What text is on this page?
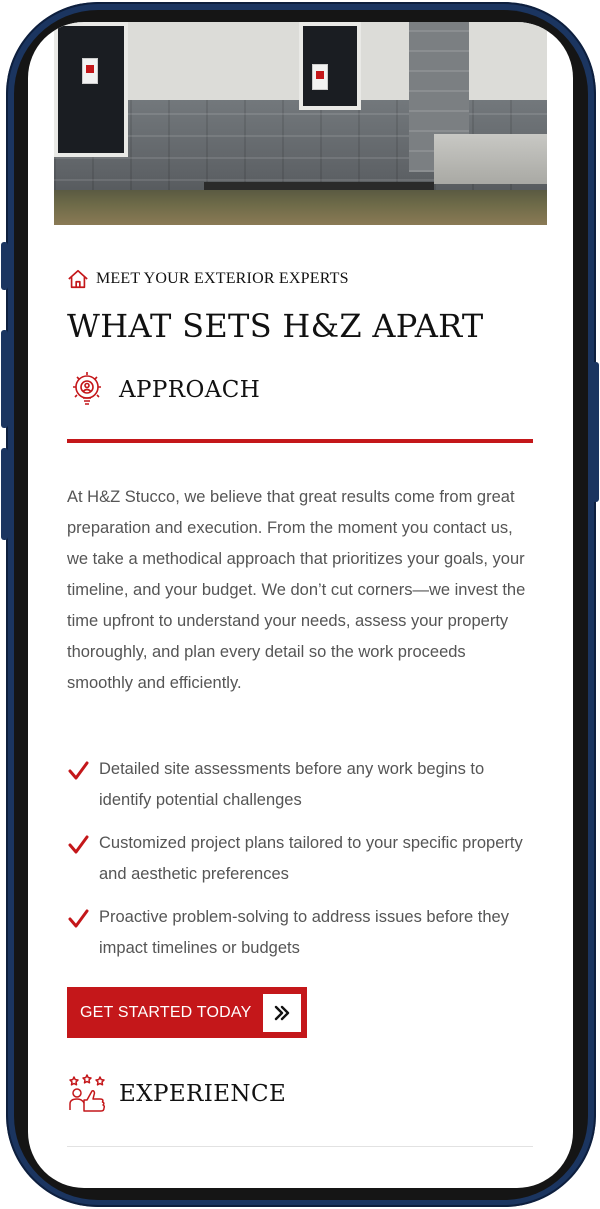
MEET YOUR EXTERIOR EXPERTS
WHAT SETS H&Z APART
APPROACH

At H&Z Stucco, we believe that great results come from great preparation and execution. From the moment you contact us, we take a methodical approach that prioritizes your goals, your timeline, and your budget. We don’t cut corners—we invest the time upfront to understand your needs, assess your property thoroughly, and plan every detail so the work proceeds smoothly and efficiently.

Detailed site assessments before any work begins to identify potential challenges
Customized project plans tailored to your specific property and aesthetic preferences
Proactive problem-solving to address issues before they impact timelines or budgets
GET STARTED TODAY
EXPERIENCE
